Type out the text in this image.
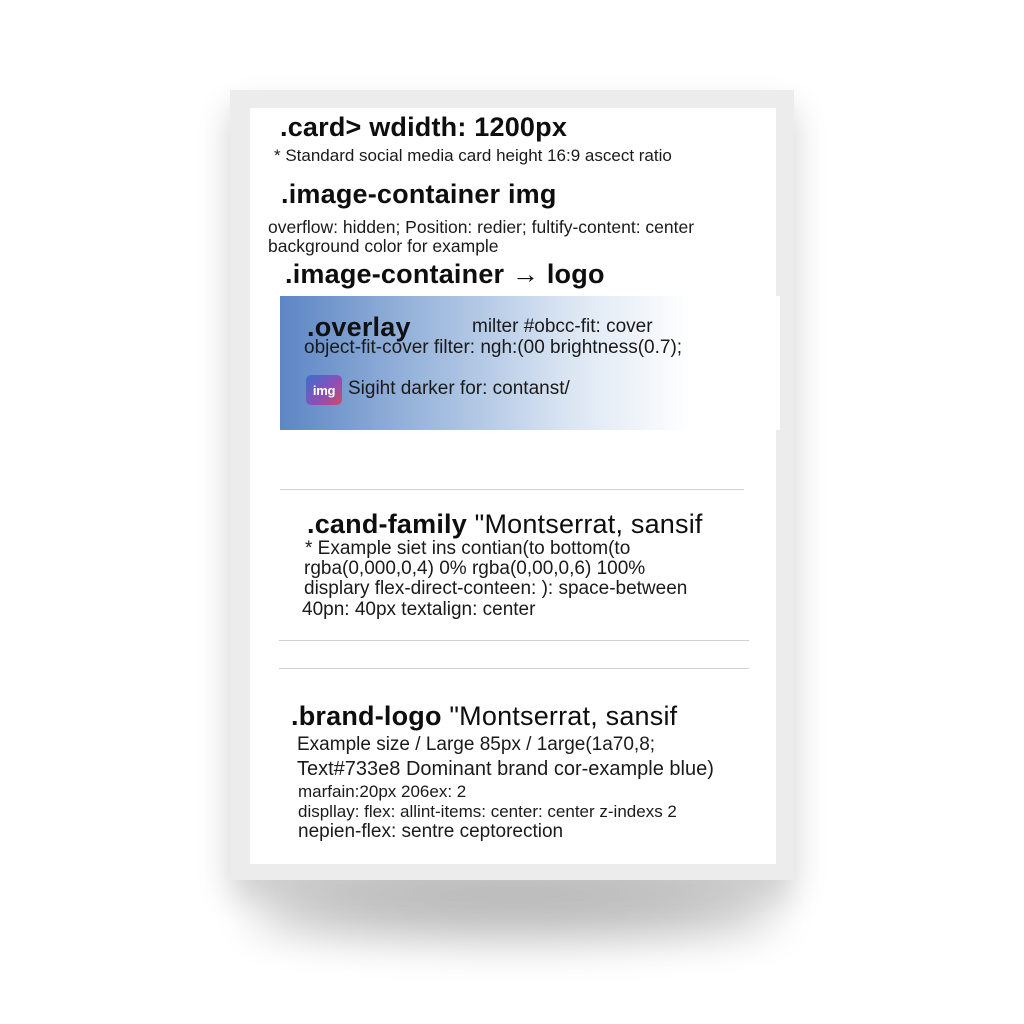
.card> wdidth: 1200px
* Standard social media card height 16:9 ascect ratio
.image-container img
overflow: hidden; Position: redier; fultify-content: center
background color for example
.image-container → logo
.overlay	milter #obcc-fit: cover
object-fit-cover filter: ngh:(00 brightness(0.7);
img Sigiht darker for: contanst/
.cand-family "Montserrat, sansif
* Example siet ins contian(to bottom(to
rgba(0,000,0,4) 0% rgba(0,00,0,6) 100%
displary flex-direct-conteen: ): space-between
40pn: 40px textalign: center
.brand-logo "Montserrat, sansif
Example size / Large 85px / 1arge(1a70,8;
Text#733e8 Dominant brand cor-example blue)
marfain:20px 206ex: 2
displlay: flex: allint-items: center: center z-indexs 2
nepien-flex: sentre ceptorection
